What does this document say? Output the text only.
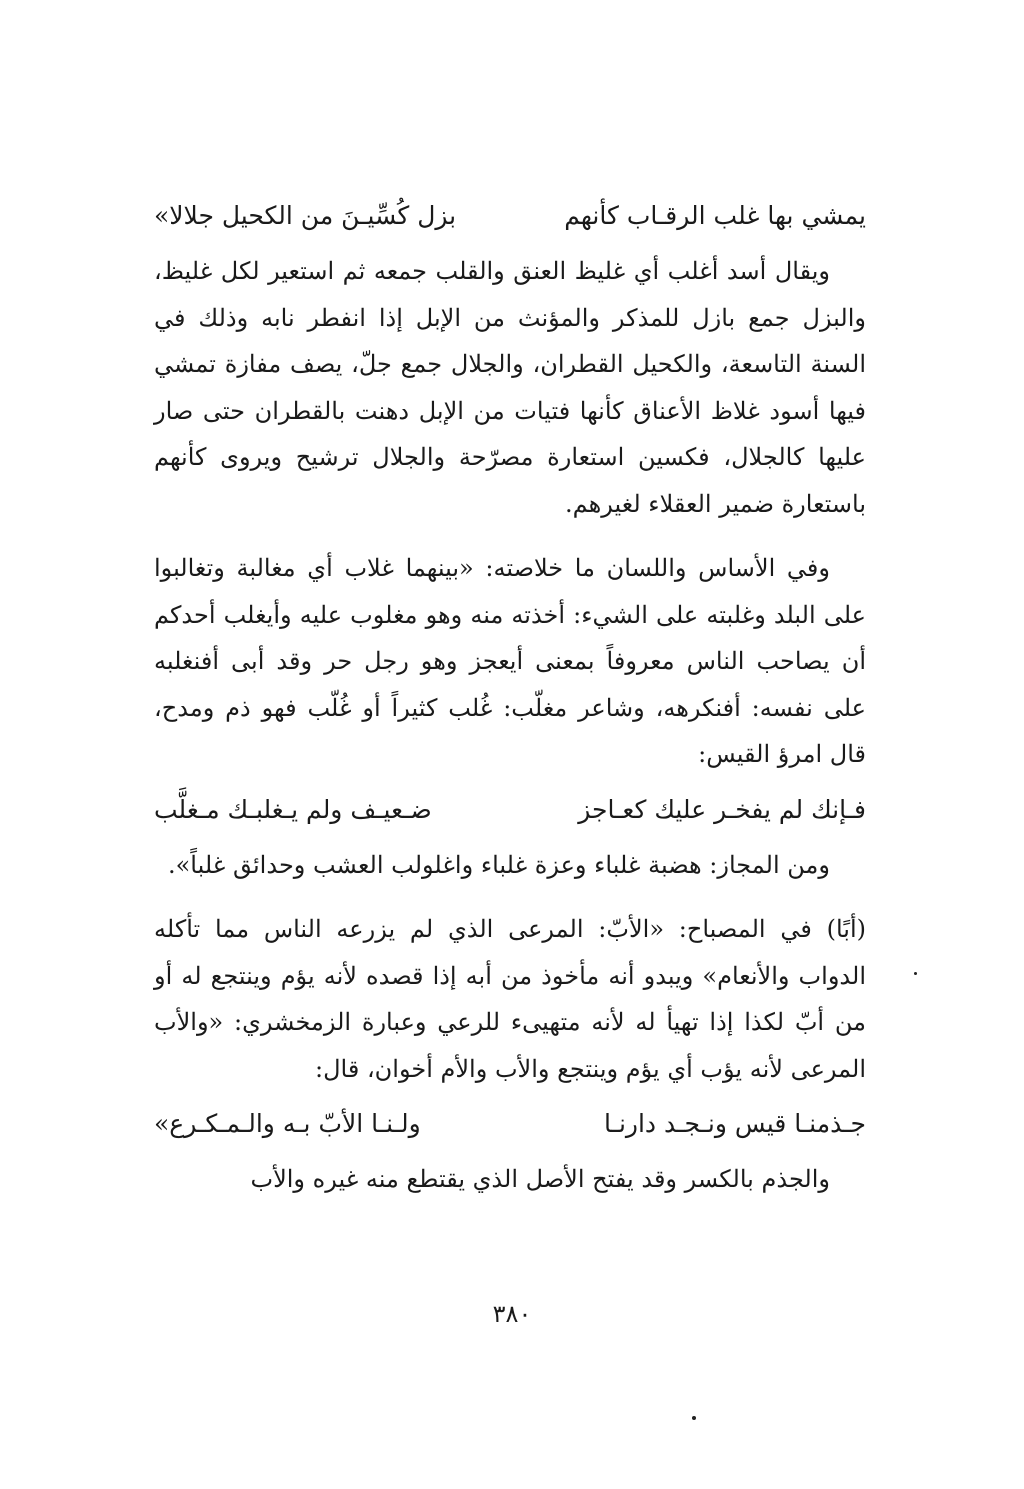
يمشي بها غلب الرقـاب كأنهم
بزل كُسِّيـنَ من الكحيل جلالا»

ويقال أسد أغلب أي غليظ العنق والقلب جمعه ثم استعير لكل غليظ، والبزل جمع بازل للمذكر والمؤنث من الإبل إذا انفطر نابه وذلك في السنة التاسعة، والكحيل القطران، والجلال جمع جلّ، يصف مفازة تمشي فيها أسود غلاظ الأعناق كأنها فتيات من الإبل دهنت بالقطران حتى صار عليها كالجلال، فكسين استعارة مصرّحة والجلال ترشيح ويروى كأنهم باستعارة ضمير العقلاء لغيرهم.

وفي الأساس واللسان ما خلاصته: «بينهما غلاب أي مغالبة وتغالبوا على البلد وغلبته على الشيء: أخذته منه وهو مغلوب عليه وأيغلب أحدكم أن يصاحب الناس معروفاً بمعنى أيعجز وهو رجل حر وقد أبى أفنغلبه على نفسه: أفنكرهه، وشاعر مغلّب: غُلب كثيراً أو غُلّب فهو ذم ومدح، قال امرؤ القيس:

فـإنك لم يفخـر عليك كعـاجز
ضـعيـف ولم يـغلبـك مـغلَّب

ومن المجاز: هضبة غلباء وعزة غلباء واغلولب العشب وحدائق غلباً».

(أبًا) في المصباح: «الأبّ: المرعى الذي لم يزرعه الناس مما تأكله الدواب والأنعام» ويبدو أنه مأخوذ من أبه إذا قصده لأنه يؤم وينتجع له أو من أبّ لكذا إذا تهيأ له لأنه متهيىء للرعي وعبارة الزمخشري: «والأب المرعى لأنه يؤب أي يؤم وينتجع والأب والأم أخوان، قال:

جـذمنـا قيس ونـجـد دارنـا
ولـنـا الأبّ بـه والـمـكـرع»

والجذم بالكسر وقد يفتح الأصل الذي يقتطع منه غيره والأب

٣٨٠
